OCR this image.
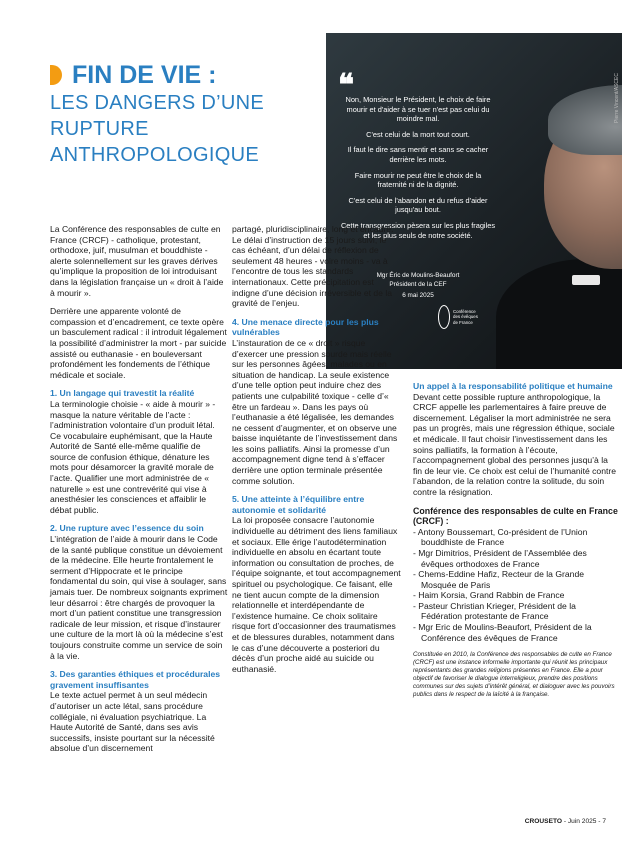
FIN DE VIE :
LES DANGERS D’UNE
RUPTURE
ANTHROPOLOGIQUE
Pierre Vincent/ASCEC
❝

Non, Monsieur le Président, le choix de faire mourir et d'aider à se tuer n'est pas celui du moindre mal.

C'est celui de la mort tout court.

Il faut le dire sans mentir et sans se cacher derrière les mots.

Faire mourir ne peut être le choix de la fraternité ni de la dignité.

C'est celui de l'abandon et du refus d'aider jusqu'au bout.

Cette transgression pèsera sur les plus fragiles et les plus seuls de notre société.

Mgr Éric de Moulins-Beaufort
Président de la CEF
6 mai 2025
Conférence
des évêques
de France

La Conférence des responsables de culte en France (CRCF) - catholique, protestant, orthodoxe, juif, musulman et bouddhiste - alerte solennellement sur les graves dérives qu’implique la proposition de loi introduisant dans la législation française un « droit à l’aide à mourir ».

Derrière une apparente volonté de compassion et d’encadrement, ce texte opère un basculement radical : il introduit légalement la possibilité d’administrer la mort - par suicide assisté ou euthanasie - en bouleversant profondément les fondements de l’éthique médicale et sociale.

1. Un langage qui travestit la réalité

La terminologie choisie - « aide à mourir » - masque la nature véritable de l’acte : l’administration volontaire d’un produit létal. Ce vocabulaire euphémisant, que la Haute Autorité de Santé elle-même qualifie de source de confusion éthique, dénature les mots pour désamorcer la gravité morale de l’acte. Qualifier une mort administrée de « naturelle » est une contrevérité qui vise à anesthésier les consciences et affaiblir le débat public.

2. Une rupture avec l’essence du soin

L’intégration de l’aide à mourir dans le Code de la santé publique constitue un dévoiement de la médecine. Elle heurte frontalement le serment d’Hippocrate et le principe fondamental du soin, qui vise à soulager, sans jamais tuer. De nombreux soignants expriment leur désarroi : être chargés de provoquer la mort d’un patient constitue une transgression radicale de leur mission, et risque d’instaurer une culture de la mort là où la médecine s’est toujours construite comme un service de soin à la vie.

3. Des garanties éthiques et procédurales gravement insuffisantes

Le texte actuel permet à un seul médecin d’autoriser un acte létal, sans procédure collégiale, ni évaluation psychiatrique. La Haute Autorité de Santé, dans ses avis successifs, insiste pourtant sur la nécessité absolue d’un discernement

partagé, pluridisciplinaire, long et encadré. Le délai d’instruction de 15 jours suivi, le cas échéant, d’un délai de réflexion de seulement 48 heures - voire moins - va à l’encontre de tous les standards internationaux. Cette précipitation est indigne d’une décision irréversible et de la gravité de l’enjeu.

4. Une menace directe pour les plus vulnérables

L’instauration de ce « droit » risque d’exercer une pression sourde mais réelle sur les personnes âgées, malades ou en situation de handicap. La seule existence d’une telle option peut induire chez des patients une culpabilité toxique - celle d’« être un fardeau ». Dans les pays où l’euthanasie a été légalisée, les demandes ne cessent d’augmenter, et on observe une baisse inquiétante de l’investissement dans les soins palliatifs. Ainsi la promesse d’un accompagnement digne tend à s’effacer derrière une option terminale présentée comme solution.

5. Une atteinte à l’équilibre entre autonomie et solidarité

La loi proposée consacre l’autonomie individuelle au détriment des liens familiaux et sociaux. Elle érige l’autodétermination individuelle en absolu en écartant toute information ou consultation de proches, de l’équipe soignante, et tout accompagnement spirituel ou psychologique. Ce faisant, elle ne tient aucun compte de la dimension relationnelle et interdépendante de l’existence humaine. Ce choix solitaire risque fort d’occasionner des traumatismes et de blessures durables, notamment dans le cas d’une découverte a posteriori du décès d’un proche aidé au suicide ou euthanasié.

Un appel à la responsabilité politique et humaine

Devant cette possible rupture anthropologique, la CRCF appelle les parlementaires à faire preuve de discernement. Légaliser la mort administrée ne sera pas un progrès, mais une régression éthique, sociale et médicale. Il faut choisir l’investissement dans les soins palliatifs, la formation à l’écoute, l’accompagnement global des personnes jusqu’à la fin de leur vie. Ce choix est celui de l’humanité contre l’abandon, de la relation contre la solitude, du soin contre la résignation.

Conférence des responsables de culte en France (CRCF) :
- Antony Boussemart, Co-président de l’Union bouddhiste de France
- Mgr Dimitrios, Président de l’Assemblée des évêques orthodoxes de France
- Chems-Eddine Hafiz, Recteur de la Grande Mosquée de Paris
- Haim Korsia, Grand Rabbin de France
- Pasteur Christian Krieger, Président de la Fédération protestante de France
- Mgr Eric de Moulins-Beaufort, Président de la Conférence des évêques de France
Constituée en 2010, la Conférence des responsables de culte en France (CRCF) est une instance informelle importante qui réunit les principaux représentants des grandes religions présentes en France. Elle a pour objectif de favoriser le dialogue interreligieux, prendre des positions communes sur des sujets d’intérêt général, et dialoguer avec les pouvoirs publics dans le respect de la laïcité à la française.
CROUSETO - Juin 2025 - 7
